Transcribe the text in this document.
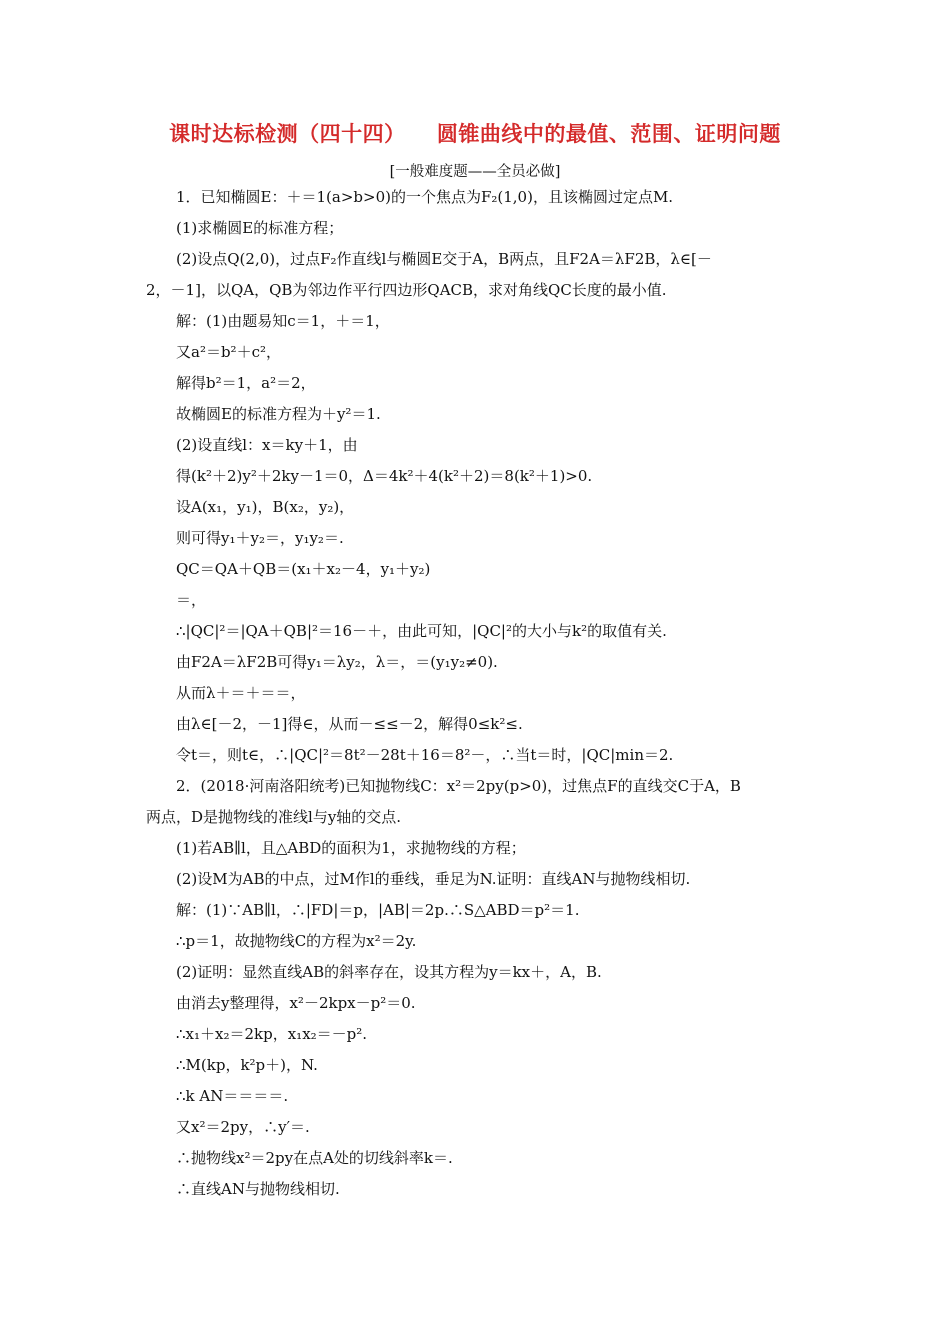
课时达标检测（四十四）    圆锥曲线中的最值、范围、证明问题
[一般难度题——全员必做]
1．已知椭圆E：＋＝1(a>b>0)的一个焦点为F₂(1,0)，且该椭圆过定点M.
(1)求椭圆E的标准方程；
(2)设点Q(2,0)，过点F₂作直线l与椭圆E交于A，B两点，且F2A＝λF2B，λ∈[－
2，－1]，以QA，QB为邻边作平行四边形QACB，求对角线QC长度的最小值.
解：(1)由题易知c＝1，＋＝1，
又a²＝b²＋c²，
解得b²＝1，a²＝2，
故椭圆E的标准方程为＋y²＝1.
(2)设直线l：x＝ky＋1，由
得(k²＋2)y²＋2ky－1＝0，Δ＝4k²＋4(k²＋2)＝8(k²＋1)>0.
设A(x₁，y₁)，B(x₂，y₂)，
则可得y₁＋y₂＝，y₁y₂＝.
QC＝QA＋QB＝(x₁＋x₂－4，y₁＋y₂)
＝，
∴|QC|²＝|QA＋QB|²＝16－＋，由此可知，|QC|²的大小与k²的取值有关.
由F2A＝λF2B可得y₁＝λy₂，λ＝，＝(y₁y₂≠0).
从而λ＋＝＋＝＝，
由λ∈[－2，－1]得∈，从而－≤≤－2，解得0≤k²≤.
令t＝，则t∈，∴|QC|²＝8t²－28t＋16＝8²－，∴当t＝时，|QC|min＝2.
2．(2018·河南洛阳统考)已知抛物线C：x²＝2py(p>0)，过焦点F的直线交C于A，B
两点，D是抛物线的准线l与y轴的交点.
(1)若AB∥l，且△ABD的面积为1，求抛物线的方程；
(2)设M为AB的中点，过M作l的垂线，垂足为N.证明：直线AN与抛物线相切.
解：(1)∵AB∥l，∴|FD|＝p，|AB|＝2p.∴S△ABD＝p²＝1.
∴p＝1，故抛物线C的方程为x²＝2y.
(2)证明：显然直线AB的斜率存在，设其方程为y＝kx＋，A，B.
由消去y整理得，x²－2kpx－p²＝0.
∴x₁＋x₂＝2kp，x₁x₂＝－p².
∴M(kp，k²p＋)，N.
∴k AN＝＝＝＝.
又x²＝2py，∴y′＝.
∴抛物线x²＝2py在点A处的切线斜率k＝.
∴直线AN与抛物线相切.
